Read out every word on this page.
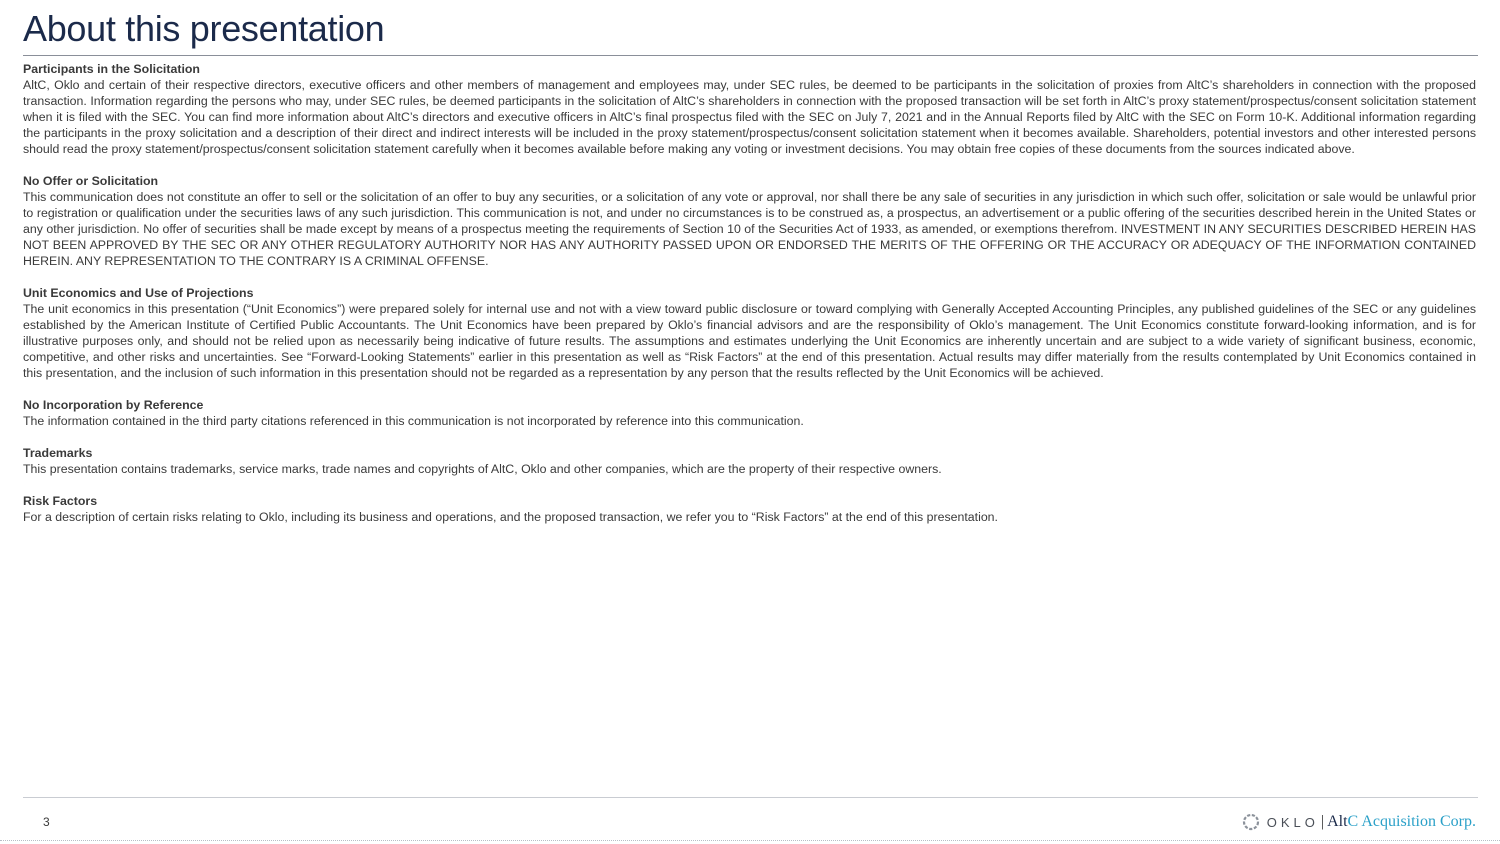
About this presentation

Participants in the Solicitation

AltC, Oklo and certain of their respective directors, executive officers and other members of management and employees may, under SEC rules, be deemed to be participants in the solicitation of proxies from AltC’s shareholders in connection with the proposed transaction. Information regarding the persons who may, under SEC rules, be deemed participants in the solicitation of AltC’s shareholders in connection with the proposed transaction will be set forth in AltC’s proxy statement/prospectus/consent solicitation statement when it is filed with the SEC. You can find more information about AltC’s directors and executive officers in AltC’s final prospectus filed with the SEC on July 7, 2021 and in the Annual Reports filed by AltC with the SEC on Form 10-K. Additional information regarding the participants in the proxy solicitation and a description of their direct and indirect interests will be included in the proxy statement/prospectus/consent solicitation statement when it becomes available. Shareholders, potential investors and other interested persons should read the proxy statement/prospectus/consent solicitation statement carefully when it becomes available before making any voting or investment decisions. You may obtain free copies of these documents from the sources indicated above.

No Offer or Solicitation

This communication does not constitute an offer to sell or the solicitation of an offer to buy any securities, or a solicitation of any vote or approval, nor shall there be any sale of securities in any jurisdiction in which such offer, solicitation or sale would be unlawful prior to registration or qualification under the securities laws of any such jurisdiction. This communication is not, and under no circumstances is to be construed as, a prospectus, an advertisement or a public offering of the securities described herein in the United States or any other jurisdiction. No offer of securities shall be made except by means of a prospectus meeting the requirements of Section 10 of the Securities Act of 1933, as amended, or exemptions therefrom. INVESTMENT IN ANY SECURITIES DESCRIBED HEREIN HAS NOT BEEN APPROVED BY THE SEC OR ANY OTHER REGULATORY AUTHORITY NOR HAS ANY AUTHORITY PASSED UPON OR ENDORSED THE MERITS OF THE OFFERING OR THE ACCURACY OR ADEQUACY OF THE INFORMATION CONTAINED HEREIN. ANY REPRESENTATION TO THE CONTRARY IS A CRIMINAL OFFENSE.

Unit Economics and Use of Projections

The unit economics in this presentation (“Unit Economics”) were prepared solely for internal use and not with a view toward public disclosure or toward complying with Generally Accepted Accounting Principles, any published guidelines of the SEC or any guidelines established by the American Institute of Certified Public Accountants. The Unit Economics have been prepared by Oklo’s financial advisors and are the responsibility of Oklo’s management. The Unit Economics constitute forward-looking information, and is for illustrative purposes only, and should not be relied upon as necessarily being indicative of future results. The assumptions and estimates underlying the Unit Economics are inherently uncertain and are subject to a wide variety of significant business, economic, competitive, and other risks and uncertainties. See “Forward-Looking Statements” earlier in this presentation as well as “Risk Factors” at the end of this presentation. Actual results may differ materially from the results contemplated by Unit Economics contained in this presentation, and the inclusion of such information in this presentation should not be regarded as a representation by any person that the results reflected by the Unit Economics will be achieved.

No Incorporation by Reference

The information contained in the third party citations referenced in this communication is not incorporated by reference into this communication.

Trademarks

This presentation contains trademarks, service marks, trade names and copyrights of AltC, Oklo and other companies, which are the property of their respective owners.

Risk Factors

For a description of certain risks relating to Oklo, including its business and operations, and the proposed transaction, we refer you to “Risk Factors” at the end of this presentation.

3	OKLO | Alt C Acquisition Corp.
